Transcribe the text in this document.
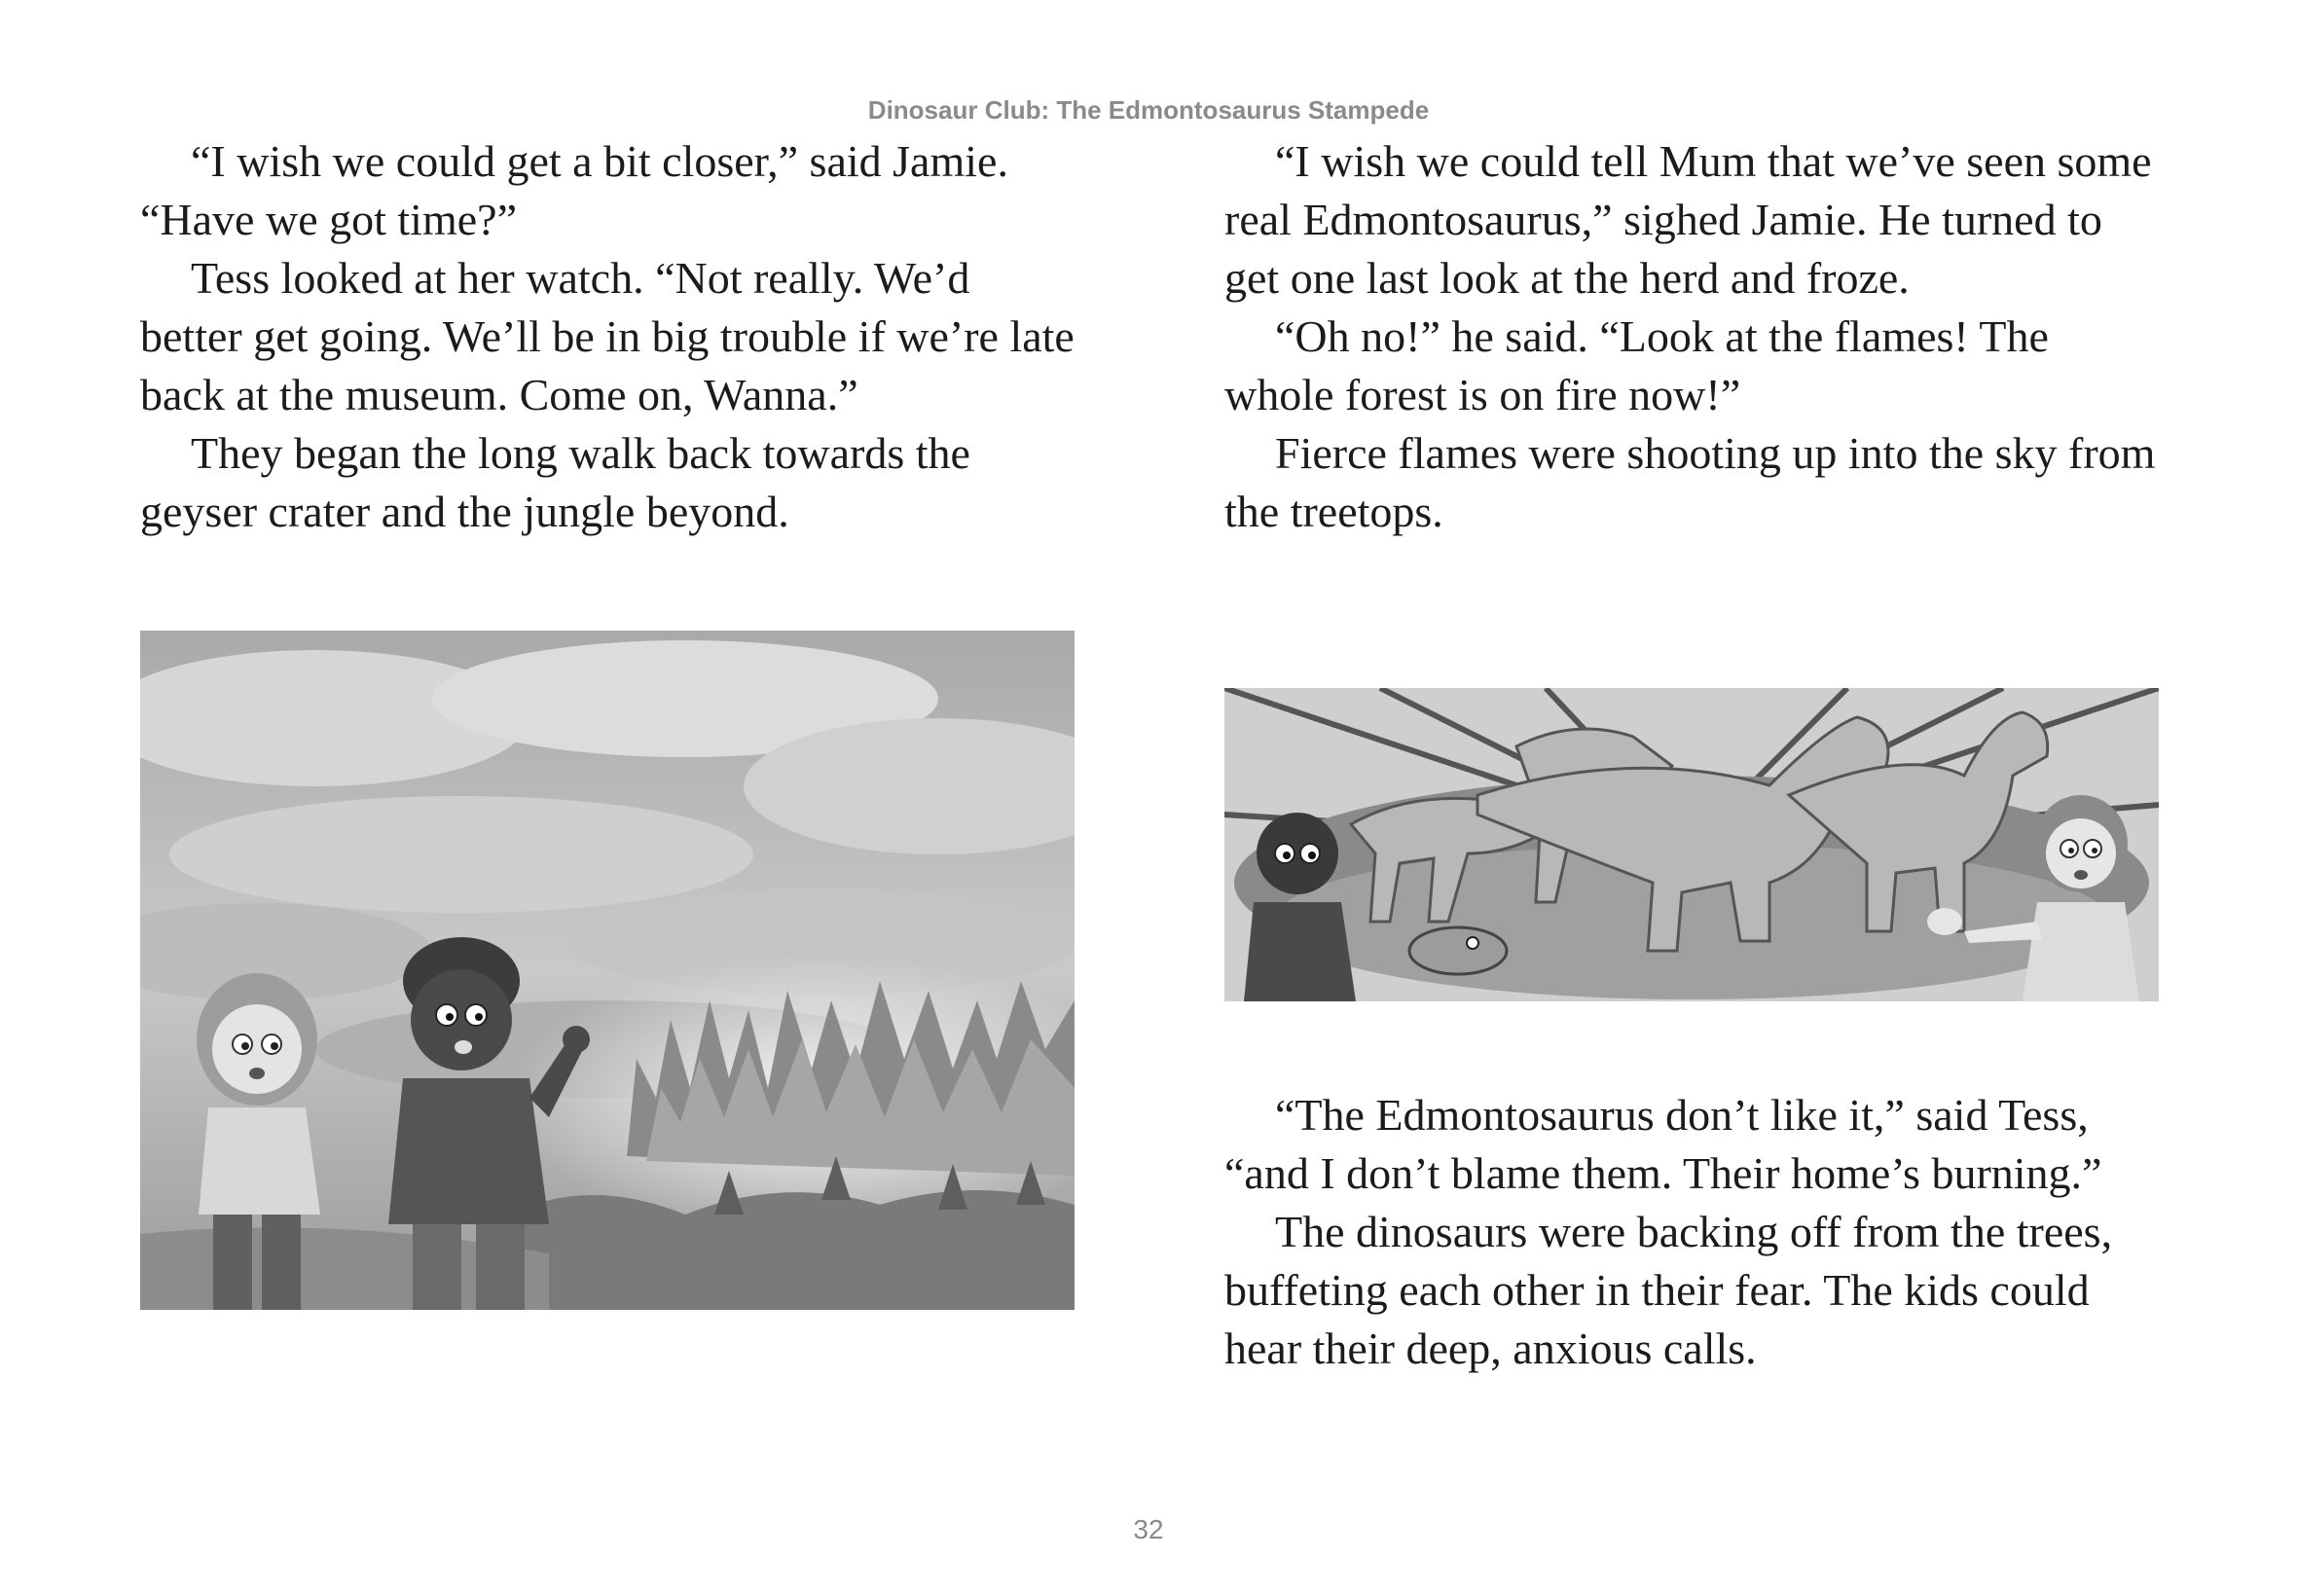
Dinosaur Club: The Edmontosaurus Stampede

“I wish we could get a bit closer,” said Jamie. “Have we got time?”

Tess looked at her watch. “Not really. We’d better get going. We’ll be in big trouble if we’re late back at the museum. Come on, Wanna.”

They began the long walk back towards the geyser crater and the jungle beyond.

“I wish we could tell Mum that we’ve seen some real Edmontosaurus,” sighed Jamie. He turned to get one last look at the herd and froze.

“Oh no!” he said. “Look at the flames! The whole forest is on fire now!”

Fierce flames were shooting up into the sky from the treetops.

“The Edmontosaurus don’t like it,” said Tess, “and I don’t blame them. Their home’s burning.”

The dinosaurs were backing off from the trees, buffeting each other in their fear. The kids could hear their deep, anxious calls.

32
